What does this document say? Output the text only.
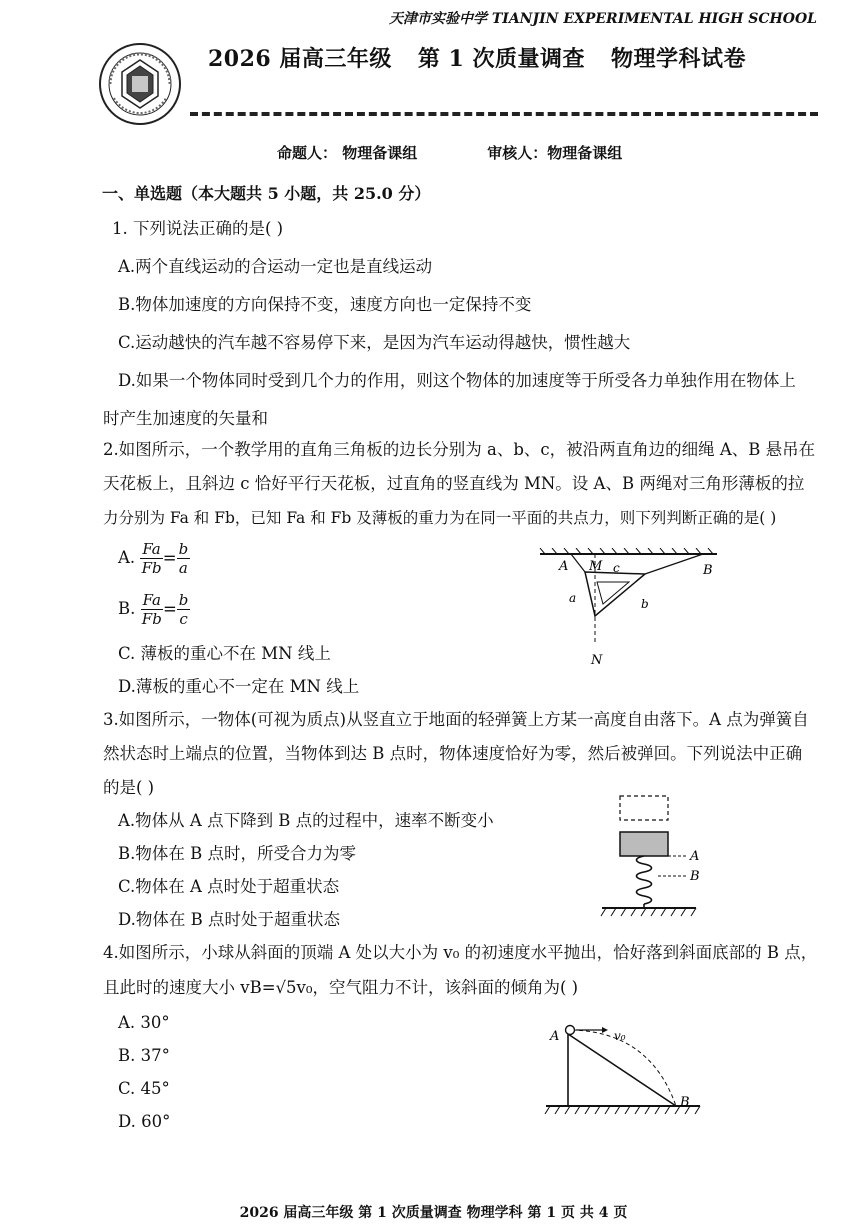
天津市实验中学 TIANJIN EXPERIMENTAL HIGH SCHOOL
2026 届高三年级 第 1 次质量调查 物理学科试卷
命题人： 物理备课组	审核人：物理备课组
一、单选题（本大题共 5 小题，共 25.0 分）
1. 下列说法正确的是( )
A.两个直线运动的合运动一定也是直线运动
B.物体加速度的方向保持不变，速度方向也一定保持不变
C.运动越快的汽车越不容易停下来，是因为汽车运动得越快，惯性越大
D.如果一个物体同时受到几个力的作用，则这个物体的加速度等于所受各力单独作用在物体上
时产生加速度的矢量和
2.如图所示，一个教学用的直角三角板的边长分别为 a、b、c，被沿两直角边的细绳 A、B 悬吊在
天花板上，且斜边 c 恰好平行天花板，过直角的竖直线为 MN。设 A、B 两绳对三角形薄板的拉
力分别为 Fa 和 Fb，已知 Fa 和 Fb 及薄板的重力为在同一平面的共点力，则下列判断正确的是( )
A. $\frac{Fa}{Fb} = \frac{b}{a}$
B. $\frac{Fa}{Fb} = \frac{b}{c}$
C. 薄板的重心不在 MN 线上
D.薄板的重心不一定在 MN 线上
A M c	B
a	b
N
3.如图所示，一物体(可视为质点)从竖直立于地面的轻弹簧上方某一高度自由落下。A 点为弹簧自
然状态时上端点的位置，当物体到达 B 点时，物体速度恰好为零，然后被弹回。下列说法中正确
的是( )
A.物体从 A 点下降到 B 点的过程中，速率不断变小
B.物体在 B 点时，所受合力为零
C.物体在 A 点时处于超重状态
D.物体在 B 点时处于超重状态
A
B
4.如图所示，小球从斜面的顶端 A 处以大小为 v₀ 的初速度水平抛出，恰好落到斜面底部的 B 点，
且此时的速度大小 vB=√5v₀，空气阻力不计，该斜面的倾角为( )
A. 30°
B. 37°
C. 45°
D. 60°
A	v₀
B
2026 届高三年级 第 1 次质量调查 物理学科 第 1 页 共 4 页
